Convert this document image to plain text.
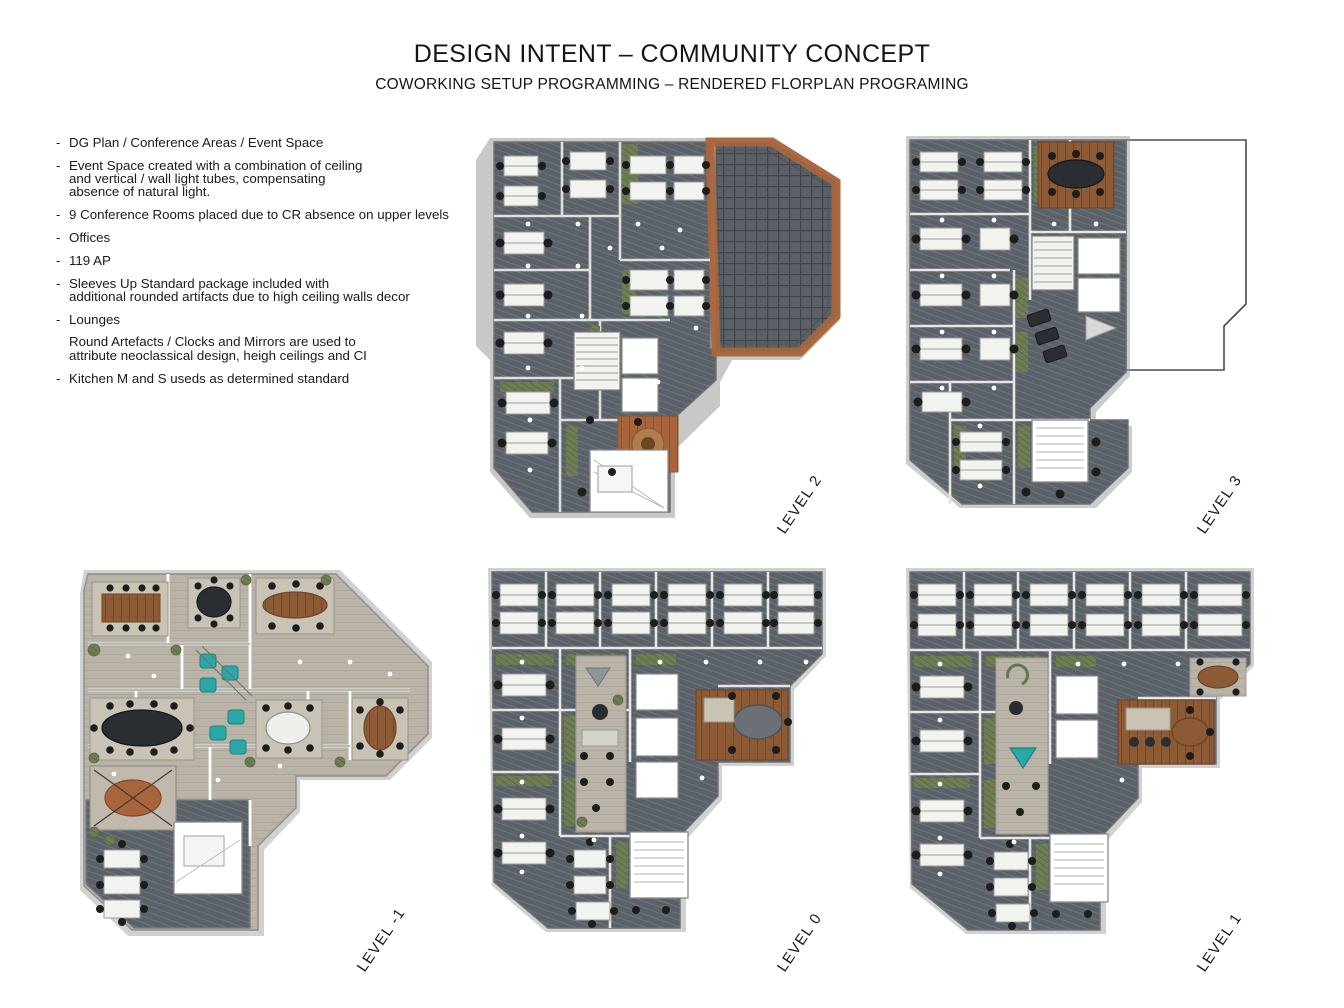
DESIGN INTENT – COMMUNITY CONCEPT

COWORKING SETUP PROGRAMMING – RENDERED FLORPLAN PROGRAMING

- DG Plan / Conference Areas / Event Space
- Event Space created with a combination of ceiling and vertical / wall light tubes, compensating absence of natural light.
- 9 Conference Rooms placed due to CR absence on upper levels
- Offices
- 119 AP
- Sleeves Up Standard package included with additional rounded artifacts due to high ceiling walls decor
- Lounges
Round Artefacts / Clocks and Mirrors are used to attribute neoclassical design, heigh ceilings and CI
- Kitchen M and S useds as determined standard
LEVEL 2	LEVEL 3
LEVEL -1	LEVEL 0	LEVEL 1
